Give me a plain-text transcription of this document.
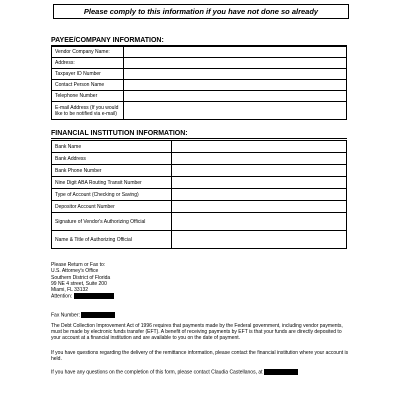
Please comply to this information if you have not done so already
PAYEE/COMPANY INFORMATION:
Vendor Company Name:	
Address:	
Taxpayer ID Number	
Contact Person Name	
Telephone Number	
E-mail Address (If you would like to be notified via e-mail)	
FINANCIAL INSTITUTION INFORMATION:
Bank Name	
Bank Address	
Bank Phone Number	
Nine Digit ABA Routing Transit Number	
Type of Account (Checking or Saving)	
Depositor Account Number	
Signature of Vendor's Authorizing Official	
Name & Title of Authorizing Official	
Please Return or Fax to:
U.S. Attorney's Office
Southern District of Florida
99 NE 4 street, Suite 200
Miami, FL 33132
Attention:
Fax Number:
The Debt Collection Improvement Act of 1996 requires that payments made by the Federal government, including vendor payments, must be made by electronic funds transfer (EFT). A benefit of receiving payments by EFT is that your funds are directly deposited to your account at a financial institution and are available to you on the date of payment.
If you have questions regarding the delivery of the remittance information, please contact the financial institution where your account is held.
If you have any questions on the completion of this form, please contact Claudia Castellanos, at
